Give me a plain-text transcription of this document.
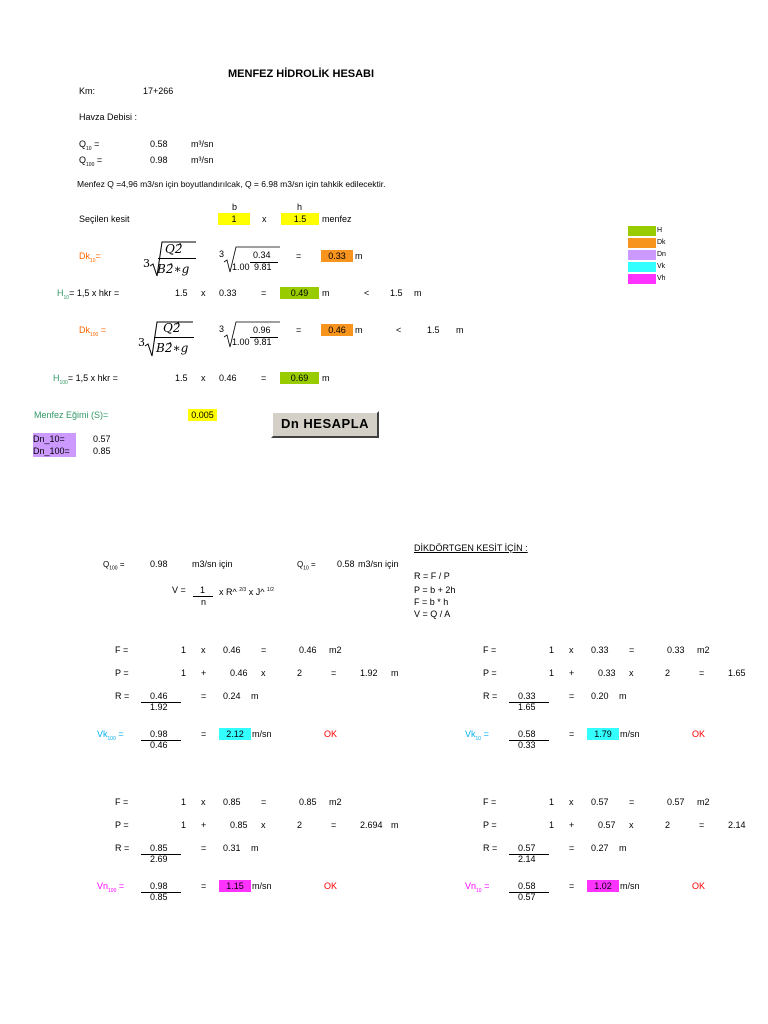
MENFEZ HİDROLİK HESABI
Km:	17+266
Havza Debisi :
$Q_{10}$ =	0.58	m³/sn
$Q_{100}$ =	0.98	m³/sn
Menfez Q =4,96 m3/sn için boyutlandırılcak, Q = 6.98 m3/sn için tahkik edilecektir.
b	h
Seçilen kesit	1	x	1.5	menfez
H
Dk
Dn
Vk
Vh
$Dk_{10}=$
3
Q2̂
B2̂∗g
3	0.34
1.00 9.81
=	0.33	m
$H_{10}= 1,5$ x hkr =	1.5 x 0.33	=	0.49	m	< 1.5 m
$Dk_{100}$ =
3
Q2̂
B2̂∗g
3	0.96
1.00 9.81
=	0.46	m	<	1.5 m
$H_{100}= 1,5$ x hkr =	1.5 x 0.46	=	0.69	m
Menfez Eğimi (S)=	0.005
Dn HESAPLA
Dn_10=	0.57
Dn_100=	0.85
$Q_{100}$ =	0.98	m3/sn için	$Q_{10} = 0.58$ m3/sn için
V = 1
n
x R^ $^{2/3}$ x J^ $^{1/2}$
DİKDÖRTGEN KESİT İÇİN :
R = F / P
P = b + 2h
F = b * h
V = Q / A
F =	1 x 0.46 =	0.46 m2
P =	1 +	0.46 x	2	=	1.92 m
R = 0.46
1.92
= 0.24 m
$Vk_{100}$ =	0.98
0.46
=	2.12 m/sn	OK
F =	1 x 0.33 =	0.33 m2
P =	1 +	0.33 x	2	=	1.65
R = 0.33
1.65
= 0.20 m
$Vk_{10}$ =	0.58
0.33
=	1.79 m/sn	OK
F =	1 x 0.85 =	0.85 m2
P =	1 +	0.85 x	2	=	2.694 m
R = 0.85
2.69
= 0.31 m
$Vn_{100}$ =	0.98
0.85
=	1.15 m/sn	OK
F =	1 x 0.57 =	0.57 m2
P =	1 +	0.57 x	2	=	2.14
R = 0.57
2.14
= 0.27 m
$Vn_{10}$ =	0.58
0.57
=	1.02 m/sn	OK
